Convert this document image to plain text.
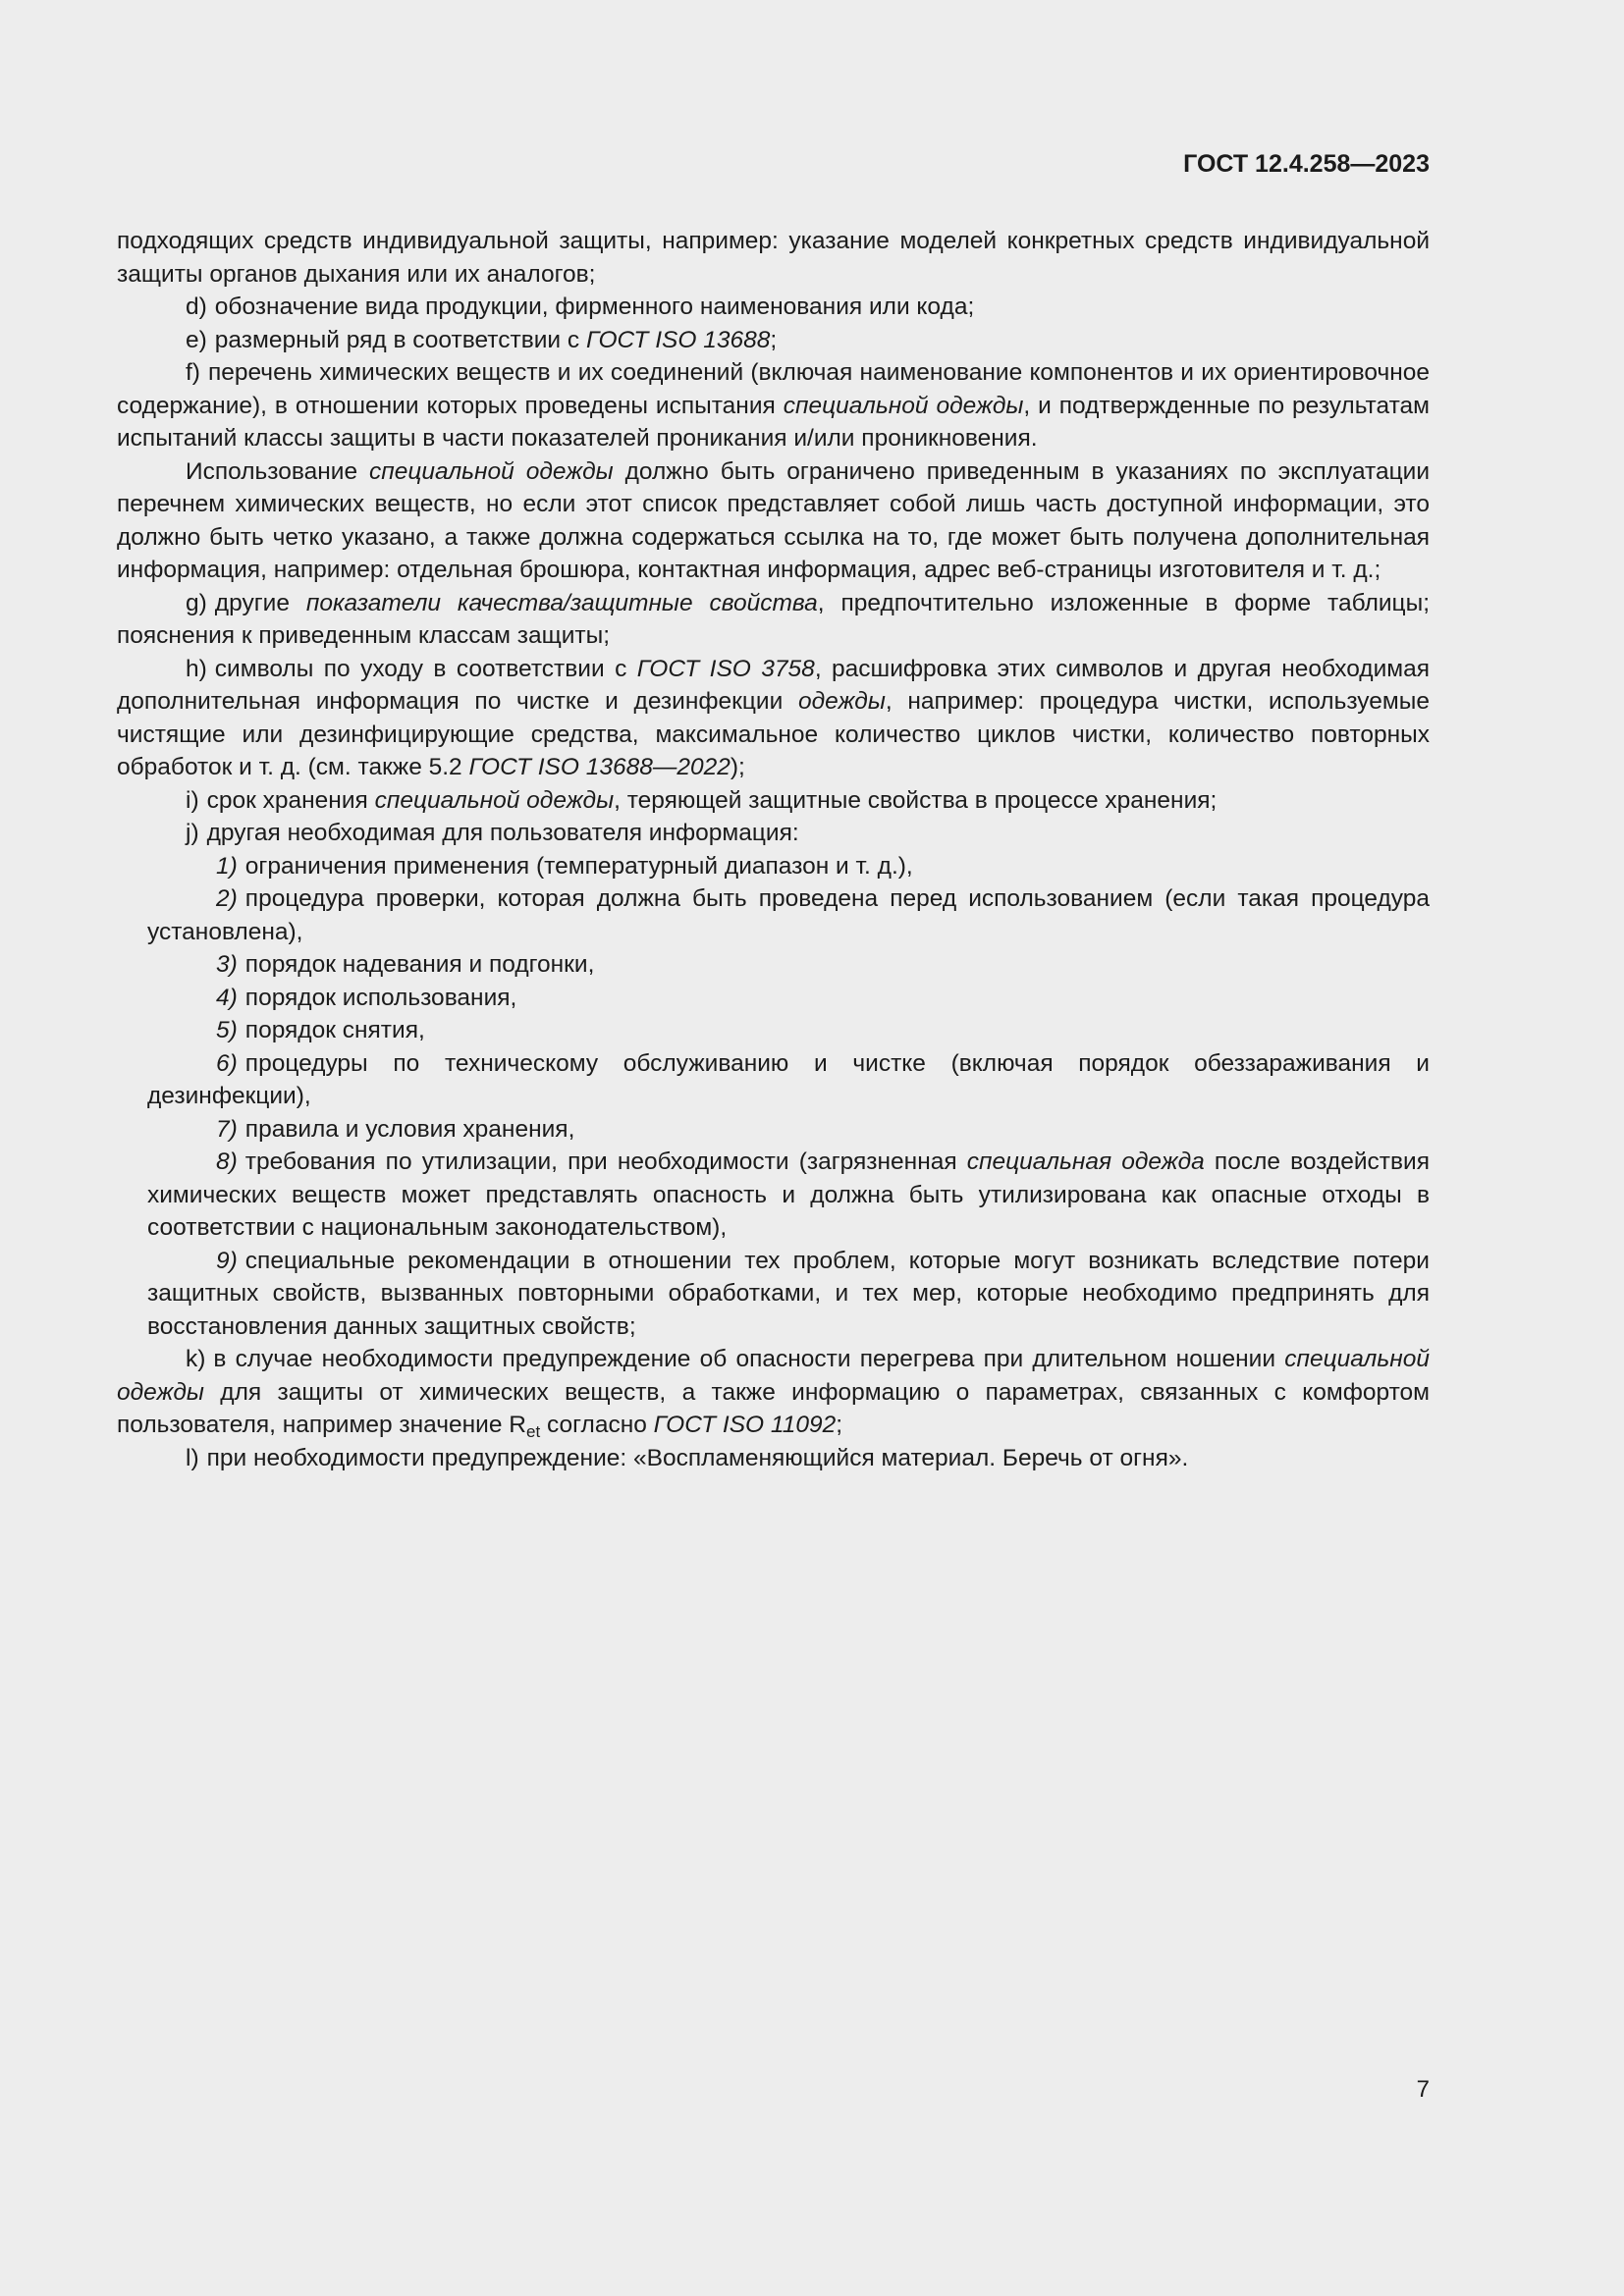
ГОСТ 12.4.258—2023

подходящих средств индивидуальной защиты, например: указание моделей конкретных средств индивидуальной защиты органов дыхания или их аналогов;

d) обозначение вида продукции, фирменного наименования или кода;

e) размерный ряд в соответствии с ГОСТ ISO 13688;

f) перечень химических веществ и их соединений (включая наименование компонентов и их ориентировочное содержание), в отношении которых проведены испытания специальной одежды, и подтвержденные по результатам испытаний классы защиты в части показателей проникания и/или проникновения.

Использование специальной одежды должно быть ограничено приведенным в указаниях по эксплуатации перечнем химических веществ, но если этот список представляет собой лишь часть доступной информации, это должно быть четко указано, а также должна содержаться ссылка на то, где может быть получена дополнительная информация, например: отдельная брошюра, контактная информация, адрес веб-страницы изготовителя и т. д.;

g) другие показатели качества/защитные свойства, предпочтительно изложенные в форме таблицы; пояснения к приведенным классам защиты;

h) символы по уходу в соответствии с ГОСТ ISO 3758, расшифровка этих символов и другая необходимая дополнительная информация по чистке и дезинфекции одежды, например: процедура чистки, используемые чистящие или дезинфицирующие средства, максимальное количество циклов чистки, количество повторных обработок и т. д. (см. также 5.2 ГОСТ ISO 13688—2022);

i) срок хранения специальной одежды, теряющей защитные свойства в процессе хранения;

j) другая необходимая для пользователя информация:

1) ограничения применения (температурный диапазон и т. д.),

2) процедура проверки, которая должна быть проведена перед использованием (если такая процедура установлена),

3) порядок надевания и подгонки,

4) порядок использования,

5) порядок снятия,

6) процедуры по техническому обслуживанию и чистке (включая порядок обеззараживания и дезинфекции),

7) правила и условия хранения,

8) требования по утилизации, при необходимости (загрязненная специальная одежда после воздействия химических веществ может представлять опасность и должна быть утилизирована как опасные отходы в соответствии с национальным законодательством),

9) специальные рекомендации в отношении тех проблем, которые могут возникать вследствие потери защитных свойств, вызванных повторными обработками, и тех мер, которые необходимо предпринять для восстановления данных защитных свойств;

k) в случае необходимости предупреждение об опасности перегрева при длительном ношении специальной одежды для защиты от химических веществ, а также информацию о параметрах, связанных с комфортом пользователя, например значение $R_{et}$ согласно ГОСТ ISO 11092;

l) при необходимости предупреждение: «Воспламеняющийся материал. Беречь от огня».

7
